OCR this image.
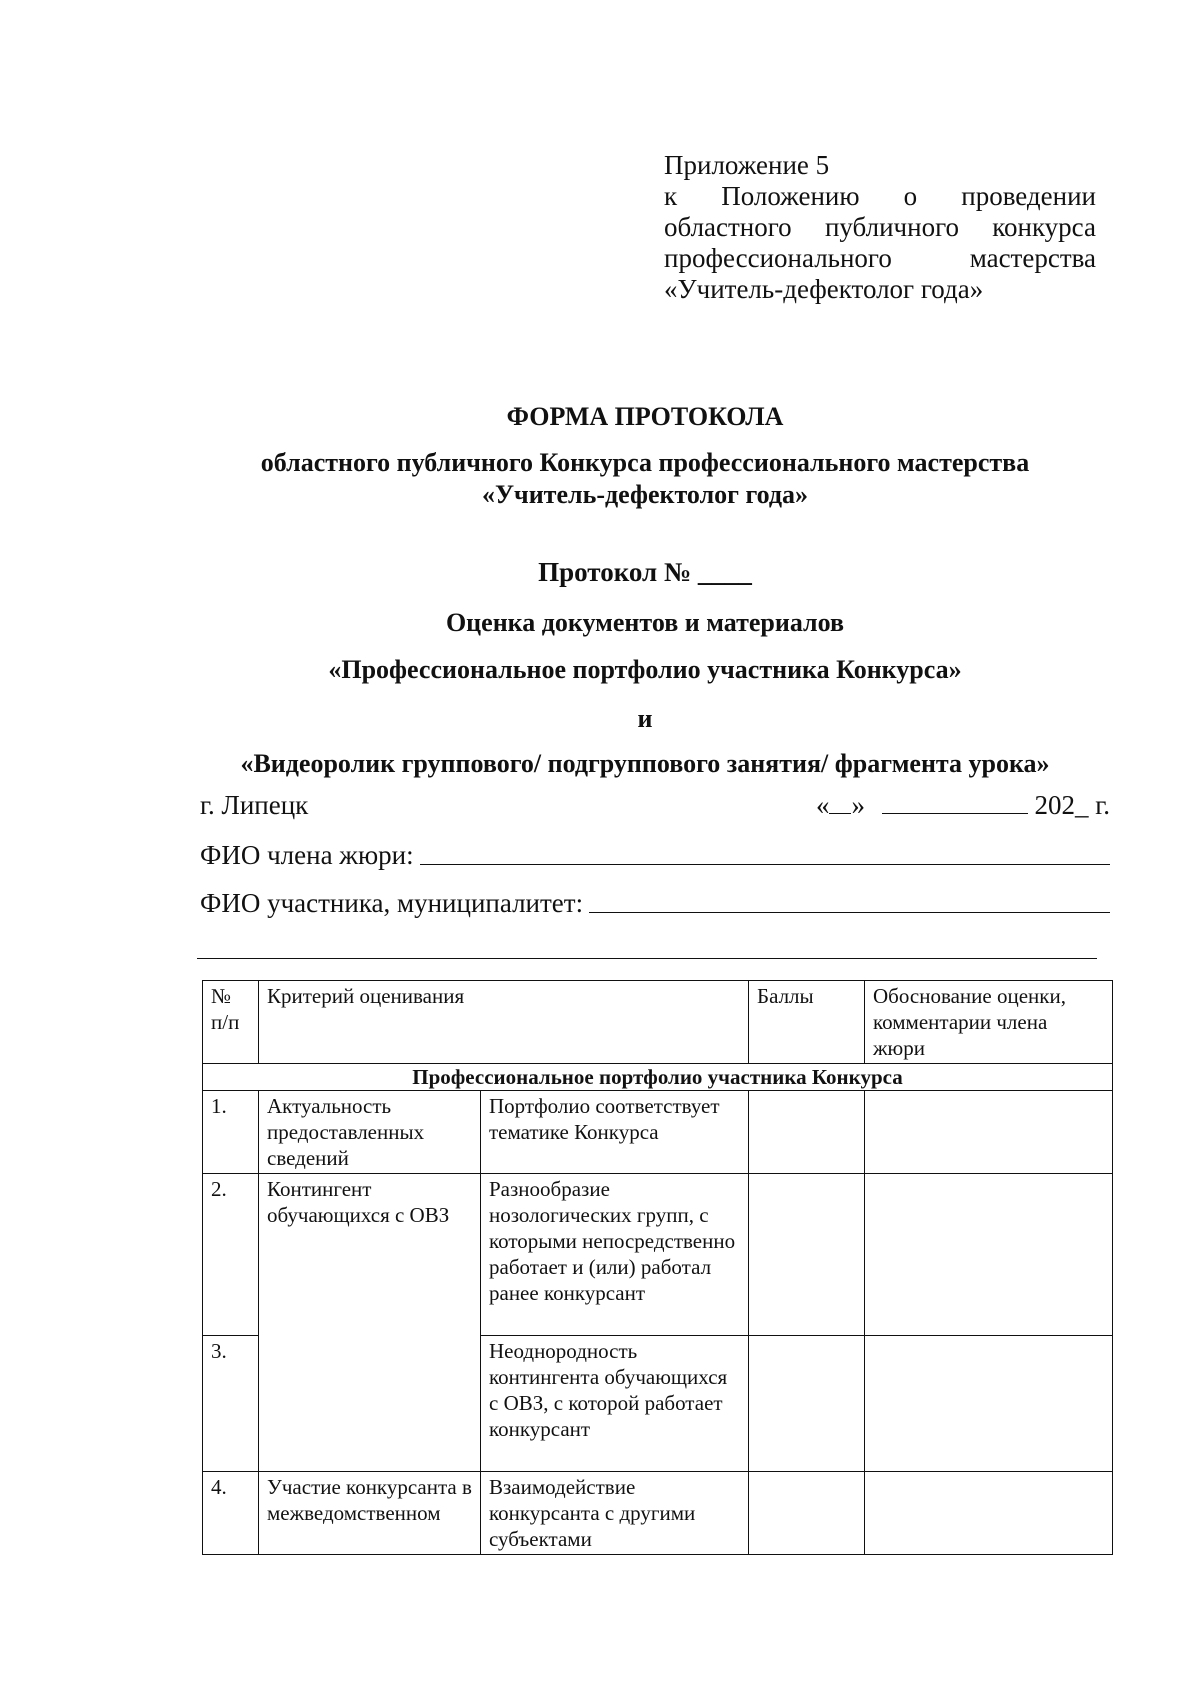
Приложение 5
к Положению о проведении
областного публичного конкурса
профессионального	мастерства
«Учитель-дефектолог года»
ФОРМА ПРОТОКОЛА
областного публичного Конкурса профессионального мастерства
«Учитель-дефектолог года»
Протокол № ____
Оценка документов и материалов
«Профессиональное портфолио участника Конкурса»
и
«Видеоролик группового/ подгруппового занятия/ фрагмента урока»
г. Липецк	« »	202_ г.
ФИО члена жюри:
ФИО участника, муниципалитет:
№ п/п	Критерий оценивания		Баллы	Обоснование оценки, комментарии члена жюри
Профессиональное портфолио участника Конкурса				
1.	Актуальность предоставленных сведений	Портфолио соответствует тематике Конкурса		
2.	Контингент обучающихся с ОВЗ	Разнообразие нозологических групп, с которыми непосредственно работает и (или) работал ранее конкурсант		
3.		Неоднородность контингента обучающихся с ОВЗ, с которой работает конкурсант		
4.	Участие конкурсанта в межведомственном	Взаимодействие конкурсанта с другими субъектами		
